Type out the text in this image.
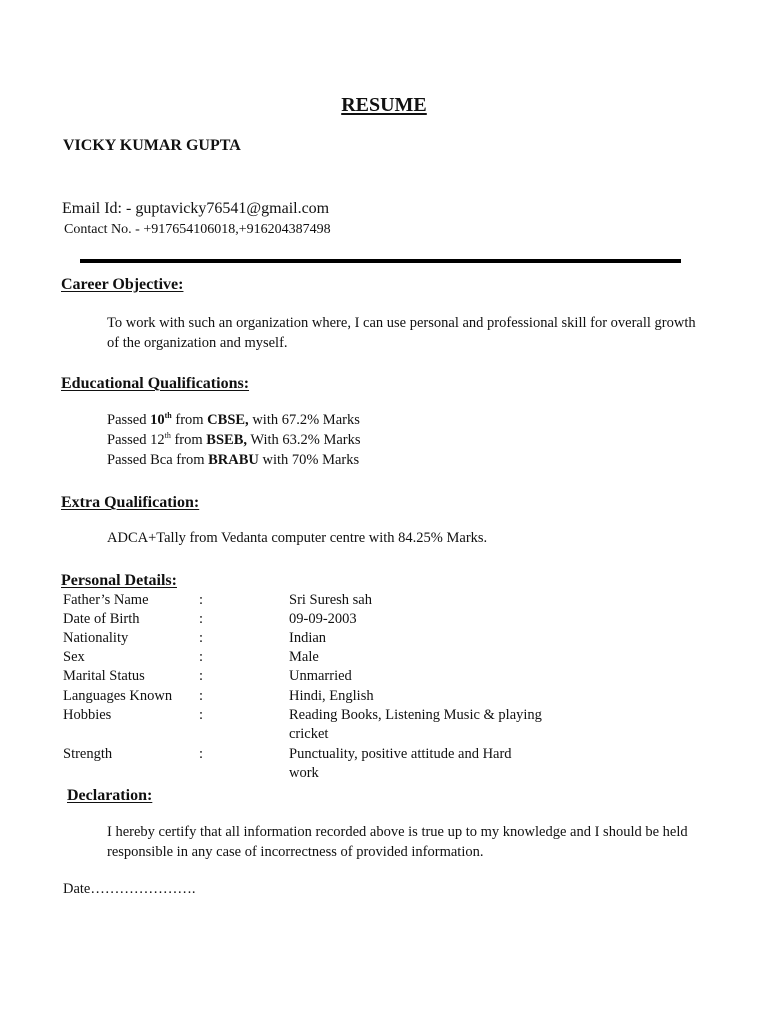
RESUME
VICKY KUMAR GUPTA
Email Id: - guptavicky76541@gmail.com
Contact No. - +917654106018,+916204387498
Career Objective:
To work with such an organization where, I can use personal and professional skill for overall growth of the organization and myself.
Educational Qualifications:
Passed 10th from CBSE, with 67.2% Marks
Passed 12th from BSEB, With 63.2% Marks
Passed Bca from BRABU with 70% Marks
Extra Qualification:
ADCA+Tally from Vedanta computer centre with 84.25% Marks.
Personal Details:
Father’s Name	:	Sri Suresh sah
Date of Birth	:	09-09-2003
Nationality	:	Indian
Sex	:	Male
Marital Status	:	Unmarried
Languages Known :	Hindi, English
Hobbies	:	Reading Books, Listening Music & playing
cricket
Strength	:	Punctuality, positive attitude and Hard
work
Declaration:
I hereby certify that all information recorded above is true up to my knowledge and I should be held responsible in any case of incorrectness of provided information.
Date………………….
